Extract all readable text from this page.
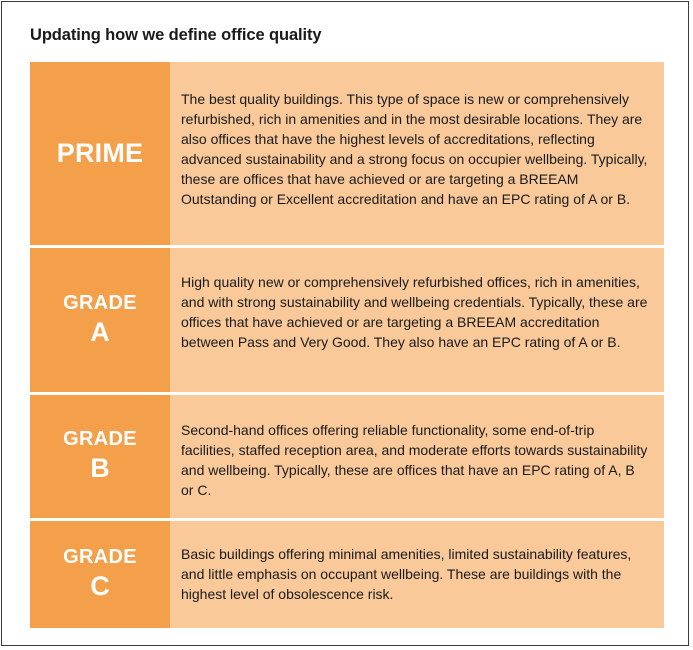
Updating how we define office quality
PRIME
The best quality buildings. This type of space is new or comprehensively refurbished, rich in amenities and in the most desirable locations. They are also offices that have the highest levels of accreditations, reflecting advanced sustainability and a strong focus on occupier wellbeing. Typically, these are offices that have achieved or are targeting a BREEAM Outstanding or Excellent accreditation and have an EPC rating of A or B.
GRADE
A
High quality new or comprehensively refurbished offices, rich in amenities, and with strong sustainability and wellbeing credentials. Typically, these are offices that have achieved or are targeting a BREEAM accreditation between Pass and Very Good. They also have an EPC rating of A or B.
GRADE
B
Second-hand offices offering reliable functionality, some end-of-trip facilities, staffed reception area, and moderate efforts towards sustainability and wellbeing. Typically, these are offices that have an EPC rating of A, B or C.
GRADE
C
Basic buildings offering minimal amenities, limited sustainability features, and little emphasis on occupant wellbeing. These are buildings with the highest level of obsolescence risk.
